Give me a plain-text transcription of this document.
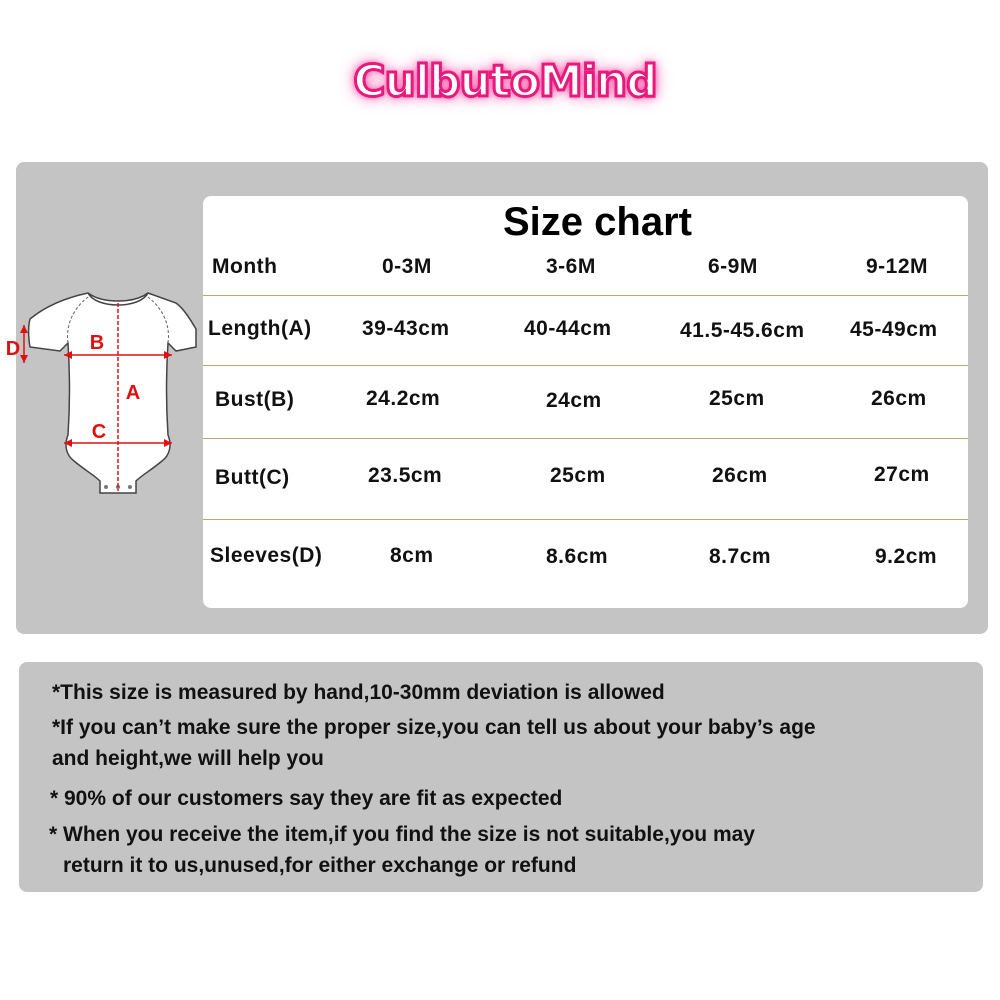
CulbutoMind
B
A
C
D
Size chart
Month	0-3M	3-6M	6-9M	9-12M
Length(A) 39-43cm	40-44cm	41.5-45.6cm 45-49cm
Bust(B)	24.2cm	24cm	25cm	26cm
Butt(C)	23.5cm	25cm	26cm	27cm
Sleeves(D)	8cm	8.6cm	8.7cm	9.2cm
*This size is measured by hand,10-30mm deviation is allowed
*If you can’t make sure the proper size,you can tell us about your baby’s age
and height,we will help you
* 90% of our customers say they are fit as expected
* When you receive the item,if you find the size is not suitable,you may
return it to us,unused,for either exchange or refund
